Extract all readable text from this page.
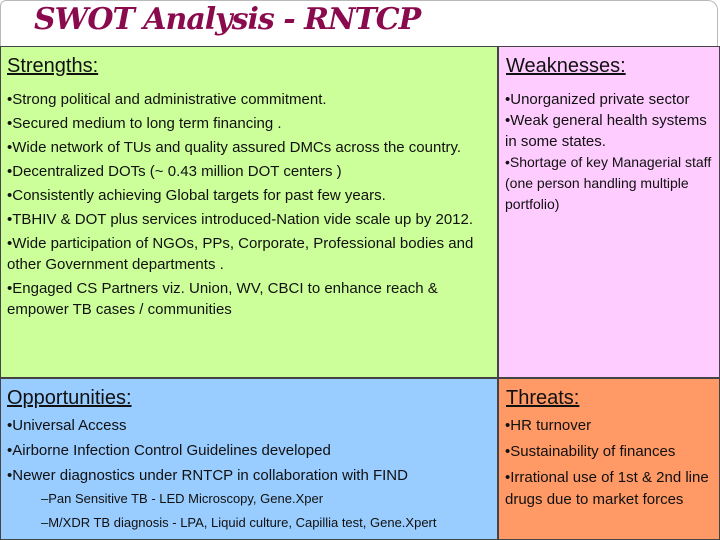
SWOT Analysis - RNTCP
Strengths:
•Strong political and administrative commitment.
•Secured medium to long term financing .
•Wide network of TUs and quality assured DMCs across the country.
•Decentralized DOTs (~ 0.43 million DOT centers )
•Consistently achieving Global targets for past few years.
•TBHIV & DOT plus services introduced-Nation vide scale up by 2012.
•Wide participation of NGOs, PPs, Corporate, Professional bodies and other Government departments .
•Engaged CS Partners viz. Union, WV, CBCI to enhance reach & empower TB cases / communities
Weaknesses:
•Unorganized private sector
•Weak general health systems in some states.
•Shortage of key Managerial staff (one person handling multiple portfolio)
Opportunities:
•Universal Access
•Airborne Infection Control Guidelines developed
•Newer diagnostics under RNTCP in collaboration with FIND
–Pan Sensitive TB - LED Microscopy, Gene.Xper
–M/XDR TB diagnosis - LPA, Liquid culture, Capillia test, Gene.Xpert
Threats:
•HR turnover
•Sustainability of finances
•Irrational use of 1st & 2nd line drugs due to market forces
